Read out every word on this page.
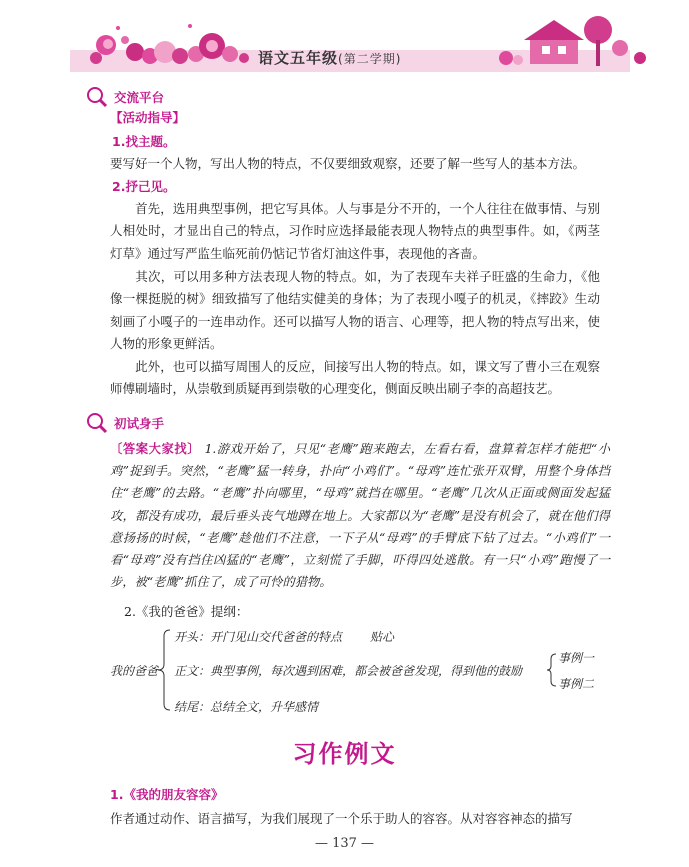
语文五年级(第二学期)
交流平台
【活动指导】
1.找主题。
要写好一个人物，写出人物的特点，不仅要细致观察，还要了解一些写人的基本方法。
2.抒己见。
首先，选用典型事例，把它写具体。人与事是分不开的，一个人往往在做事情、与别人相处时，才显出自己的特点，习作时应选择最能表现人物特点的典型事件。如，《两茎灯草》通过写严监生临死前仍惦记节省灯油这件事，表现他的吝啬。
其次，可以用多种方法表现人物的特点。如，为了表现车夫祥子旺盛的生命力，《他像一棵挺脱的树》细致描写了他结实健美的身体；为了表现小嘎子的机灵，《摔跤》生动刻画了小嘎子的一连串动作。还可以描写人物的语言、心理等，把人物的特点写出来，使人物的形象更鲜活。
此外，也可以描写周围人的反应，间接写出人物的特点。如，课文写了曹小三在观察师傅刷墙时，从崇敬到质疑再到崇敬的心理变化，侧面反映出刷子李的高超技艺。
初试身手
〔答案大家找〕 1.游戏开始了，只见“老鹰”跑来跑去，左看右看，盘算着怎样才能把“小鸡”捉到手。突然，“老鹰”猛一转身，扑向“小鸡们”。“母鸡”连忙张开双臂，用整个身体挡住“老鹰”的去路。“老鹰”扑向哪里，“母鸡”就挡在哪里。“老鹰”几次从正面或侧面发起猛攻，都没有成功，最后垂头丧气地蹲在地上。大家都以为“老鹰”是没有机会了，就在他们得意扬扬的时候，“老鹰”趁他们不注意，一下子从“母鸡”的手臂底下钻了过去。“小鸡们”一看“母鸡”没有挡住凶猛的“老鹰”，立刻慌了手脚，吓得四处逃散。有一只“小鸡”跑慢了一步，被“老鹰”抓住了，成了可怜的猎物。
2.《我的爸爸》提纲：
我的爸爸
开头：开门见山交代爸爸的特点 贴心
正文：典型事例，每次遇到困难，都会被爸爸发现，得到他的鼓励
事例一
事例二
结尾：总结全文，升华感情
习作例文
1.《我的朋友容容》
作者通过动作、语言描写，为我们展现了一个乐于助人的容容。从对容容神态的描写
— 137 —
